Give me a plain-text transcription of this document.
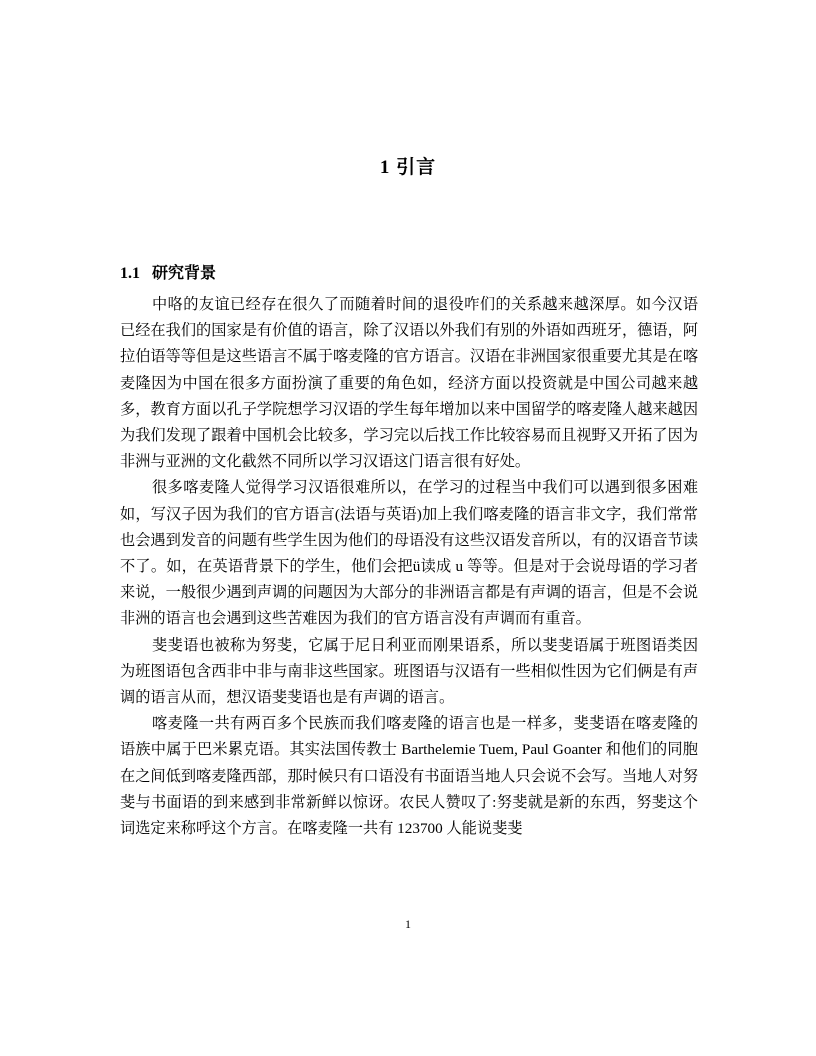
1 引言
1.1 研究背景

中咯的友谊已经存在很久了而随着时间的退役咋们的关系越来越深厚。如今汉语已经在我们的国家是有价值的语言，除了汉语以外我们有别的外语如西班牙，德语，阿拉伯语等等但是这些语言不属于喀麦隆的官方语言。汉语在非洲国家很重要尤其是在喀麦隆因为中国在很多方面扮演了重要的角色如，经济方面以投资就是中国公司越来越多，教育方面以孔子学院想学习汉语的学生每年增加以来中国留学的喀麦隆人越来越因为我们发现了跟着中国机会比较多，学习完以后找工作比较容易而且视野又开拓了因为非洲与亚洲的文化截然不同所以学习汉语这门语言很有好处。

很多喀麦隆人觉得学习汉语很难所以，在学习的过程当中我们可以遇到很多困难如，写汉子因为我们的官方语言(法语与英语)加上我们喀麦隆的语言非文字，我们常常也会遇到发音的问题有些学生因为他们的母语没有这些汉语发音所以，有的汉语音节读不了。如，在英语背景下的学生，他们会把ü读成 u 等等。但是对于会说母语的学习者来说，一般很少遇到声调的问题因为大部分的非洲语言都是有声调的语言，但是不会说非洲的语言也会遇到这些苦难因为我们的官方语言没有声调而有重音。

斐斐语也被称为努斐，它属于尼日利亚而刚果语系，所以斐斐语属于班图语类因为班图语包含西非中非与南非这些国家。班图语与汉语有一些相似性因为它们俩是有声调的语言从而，想汉语斐斐语也是有声调的语言。

喀麦隆一共有两百多个民族而我们喀麦隆的语言也是一样多，斐斐语在喀麦隆的语族中属于巴米累克语。其实法国传教士 Barthelemie Tuem, Paul Goanter 和他们的同胞在之间低到喀麦隆西部，那时候只有口语没有书面语当地人只会说不会写。当地人对努斐与书面语的到来感到非常新鲜以惊讶。农民人赞叹了:努斐就是新的东西，努斐这个词选定来称呼这个方言。在喀麦隆一共有 123700 人能说斐斐

1
